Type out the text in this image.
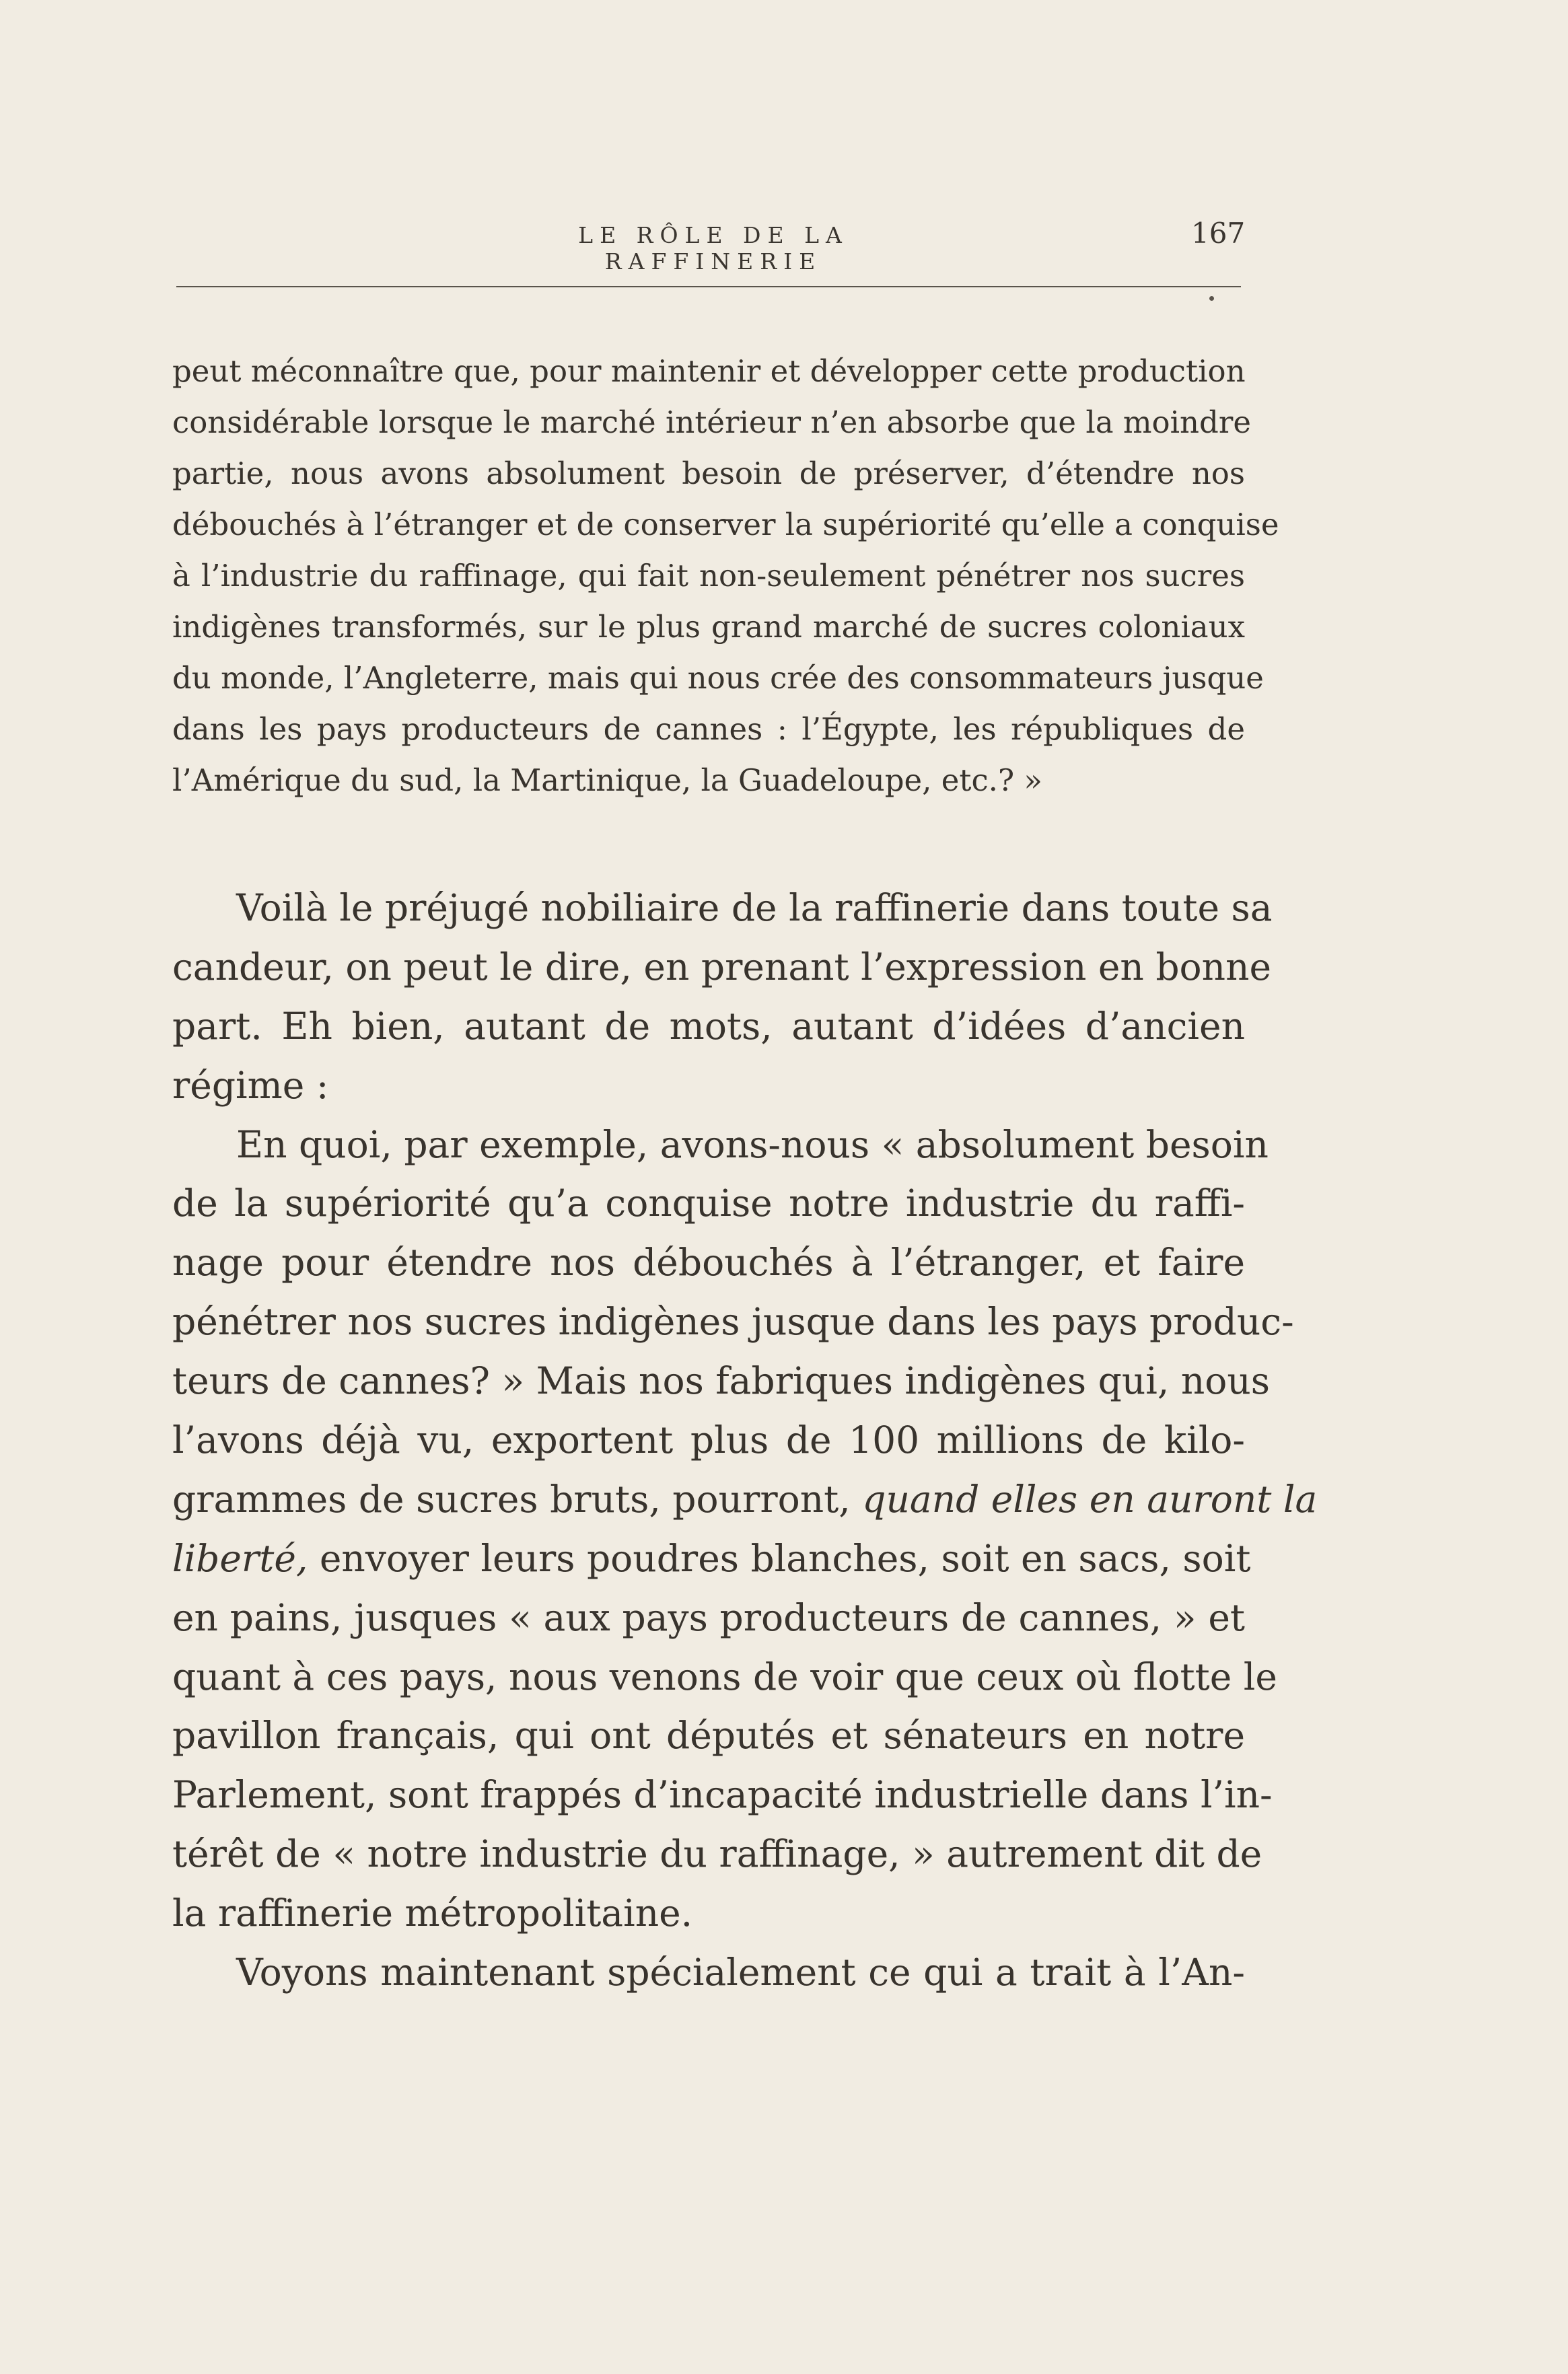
LE RÔLE DE LA RAFFINERIE
167
peut méconnaître que, pour maintenir et développer cette production
considérable lorsque le marché intérieur n’en absorbe que la moindre
partie, nous avons absolument besoin de préserver, d’étendre nos
débouchés à l’étranger et de conserver la supériorité qu’elle a conquise
à l’industrie du raffinage, qui fait non-seulement pénétrer nos sucres
indigènes transformés, sur le plus grand marché de sucres coloniaux
du monde, l’Angleterre, mais qui nous crée des consommateurs jusque
dans les pays producteurs de cannes : l’Égypte, les républiques de
l’Amérique du sud, la Martinique, la Guadeloupe, etc.? »
Voilà le préjugé nobiliaire de la raffinerie dans toute sa
candeur, on peut le dire, en prenant l’expression en bonne
part. Eh bien, autant de mots, autant d’idées d’ancien
régime :
En quoi, par exemple, avons-nous « absolument besoin
de la supériorité qu’a conquise notre industrie du raffi-
nage pour étendre nos débouchés à l’étranger, et faire
pénétrer nos sucres indigènes jusque dans les pays produc-
teurs de cannes? » Mais nos fabriques indigènes qui, nous
l’avons déjà vu, exportent plus de 100 millions de kilo-
grammes de sucres bruts, pourront, quand elles en auront la
liberté, envoyer leurs poudres blanches, soit en sacs, soit
en pains, jusques « aux pays producteurs de cannes, » et
quant à ces pays, nous venons de voir que ceux où flotte le
pavillon français, qui ont députés et sénateurs en notre
Parlement, sont frappés d’incapacité industrielle dans l’in-
térêt de « notre industrie du raffinage, » autrement dit de
la raffinerie métropolitaine.
Voyons maintenant spécialement ce qui a trait à l’An-
